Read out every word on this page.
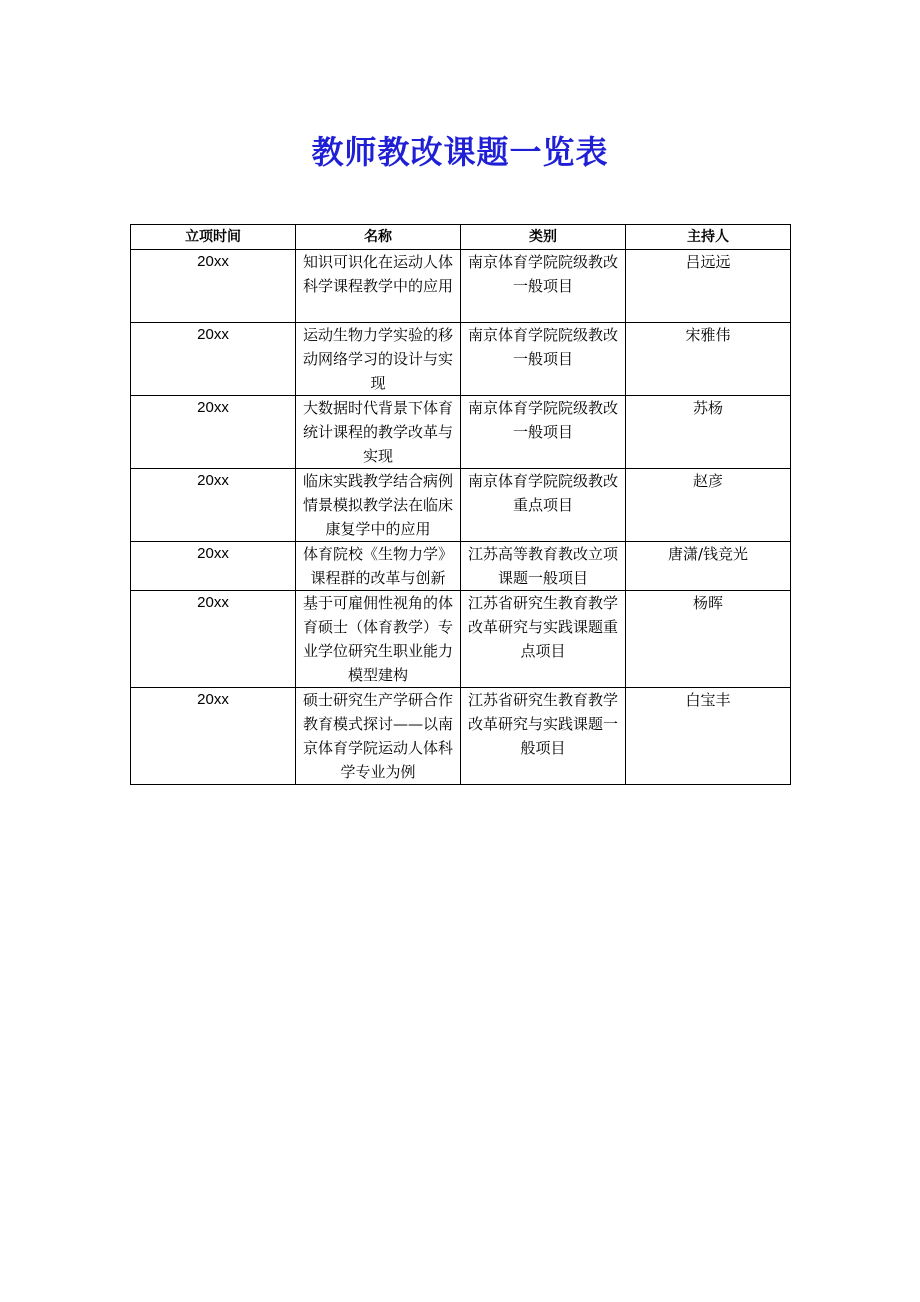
教师教改课题一览表
立项时间	名称	类别	主持人
20xx	知识可识化在运动人体科学课程教学中的应用	南京体育学院院级教改一般项目	吕远远
20xx	运动生物力学实验的移动网络学习的设计与实现	南京体育学院院级教改一般项目	宋雅伟
20xx	大数据时代背景下体育统计课程的教学改革与实现	南京体育学院院级教改一般项目	苏杨
20xx	临床实践教学结合病例情景模拟教学法在临床康复学中的应用	南京体育学院院级教改重点项目	赵彦
20xx	体育院校《生物力学》课程群的改革与创新	江苏高等教育教改立项课题一般项目	唐潇/钱竞光
20xx	基于可雇佣性视角的体育硕士（体育教学）专业学位研究生职业能力模型建构	江苏省研究生教育教学改革研究与实践课题重点项目	杨晖
20xx	硕士研究生产学研合作教育模式探讨——以南京体育学院运动人体科学专业为例	江苏省研究生教育教学改革研究与实践课题一般项目	白宝丰
